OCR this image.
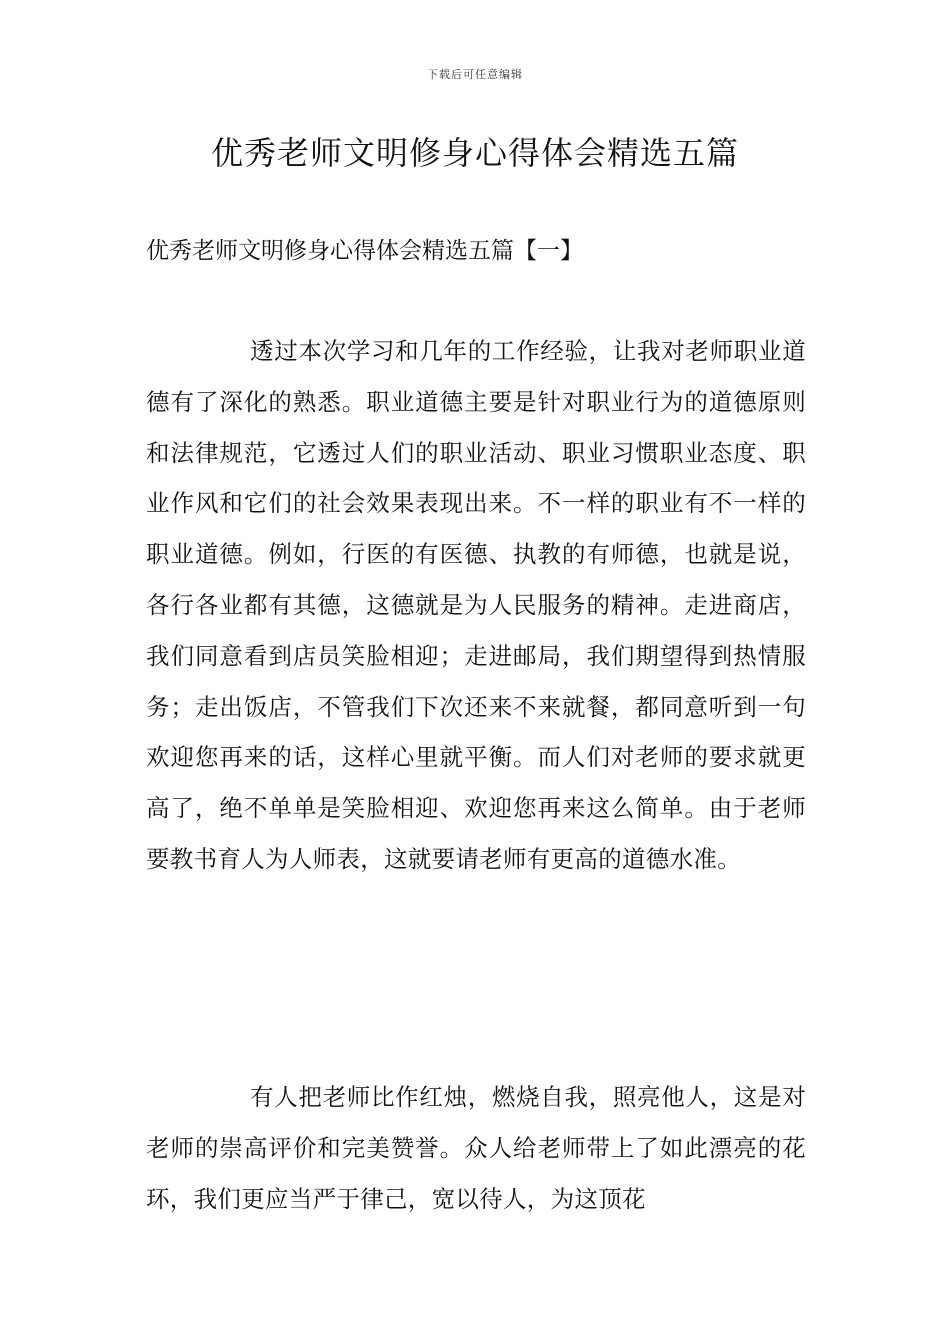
下载后可任意编辑
优秀老师文明修身心得体会精选五篇
优秀老师文明修身心得体会精选五篇【一】

透过本次学习和几年的工作经验，让我对老师职业道德有了深化的熟悉。职业道德主要是针对职业行为的道德原则和法律规范，它透过人们的职业活动、职业习惯职业态度、职业作风和它们的社会效果表现出来。不一样的职业有不一样的职业道德。例如，行医的有医德、执教的有师德，也就是说，各行各业都有其德，这德就是为人民服务的精神。走进商店，我们同意看到店员笑脸相迎；走进邮局，我们期望得到热情服务；走出饭店，不管我们下次还来不来就餐，都同意听到一句欢迎您再来的话，这样心里就平衡。而人们对老师的要求就更高了，绝不单单是笑脸相迎、欢迎您再来这么简单。由于老师要教书育人为人师表，这就要请老师有更高的道德水准。

有人把老师比作红烛，燃烧自我，照亮他人，这是对老师的崇高评价和完美赞誉。众人给老师带上了如此漂亮的花环，我们更应当严于律己，宽以待人，为这顶花
